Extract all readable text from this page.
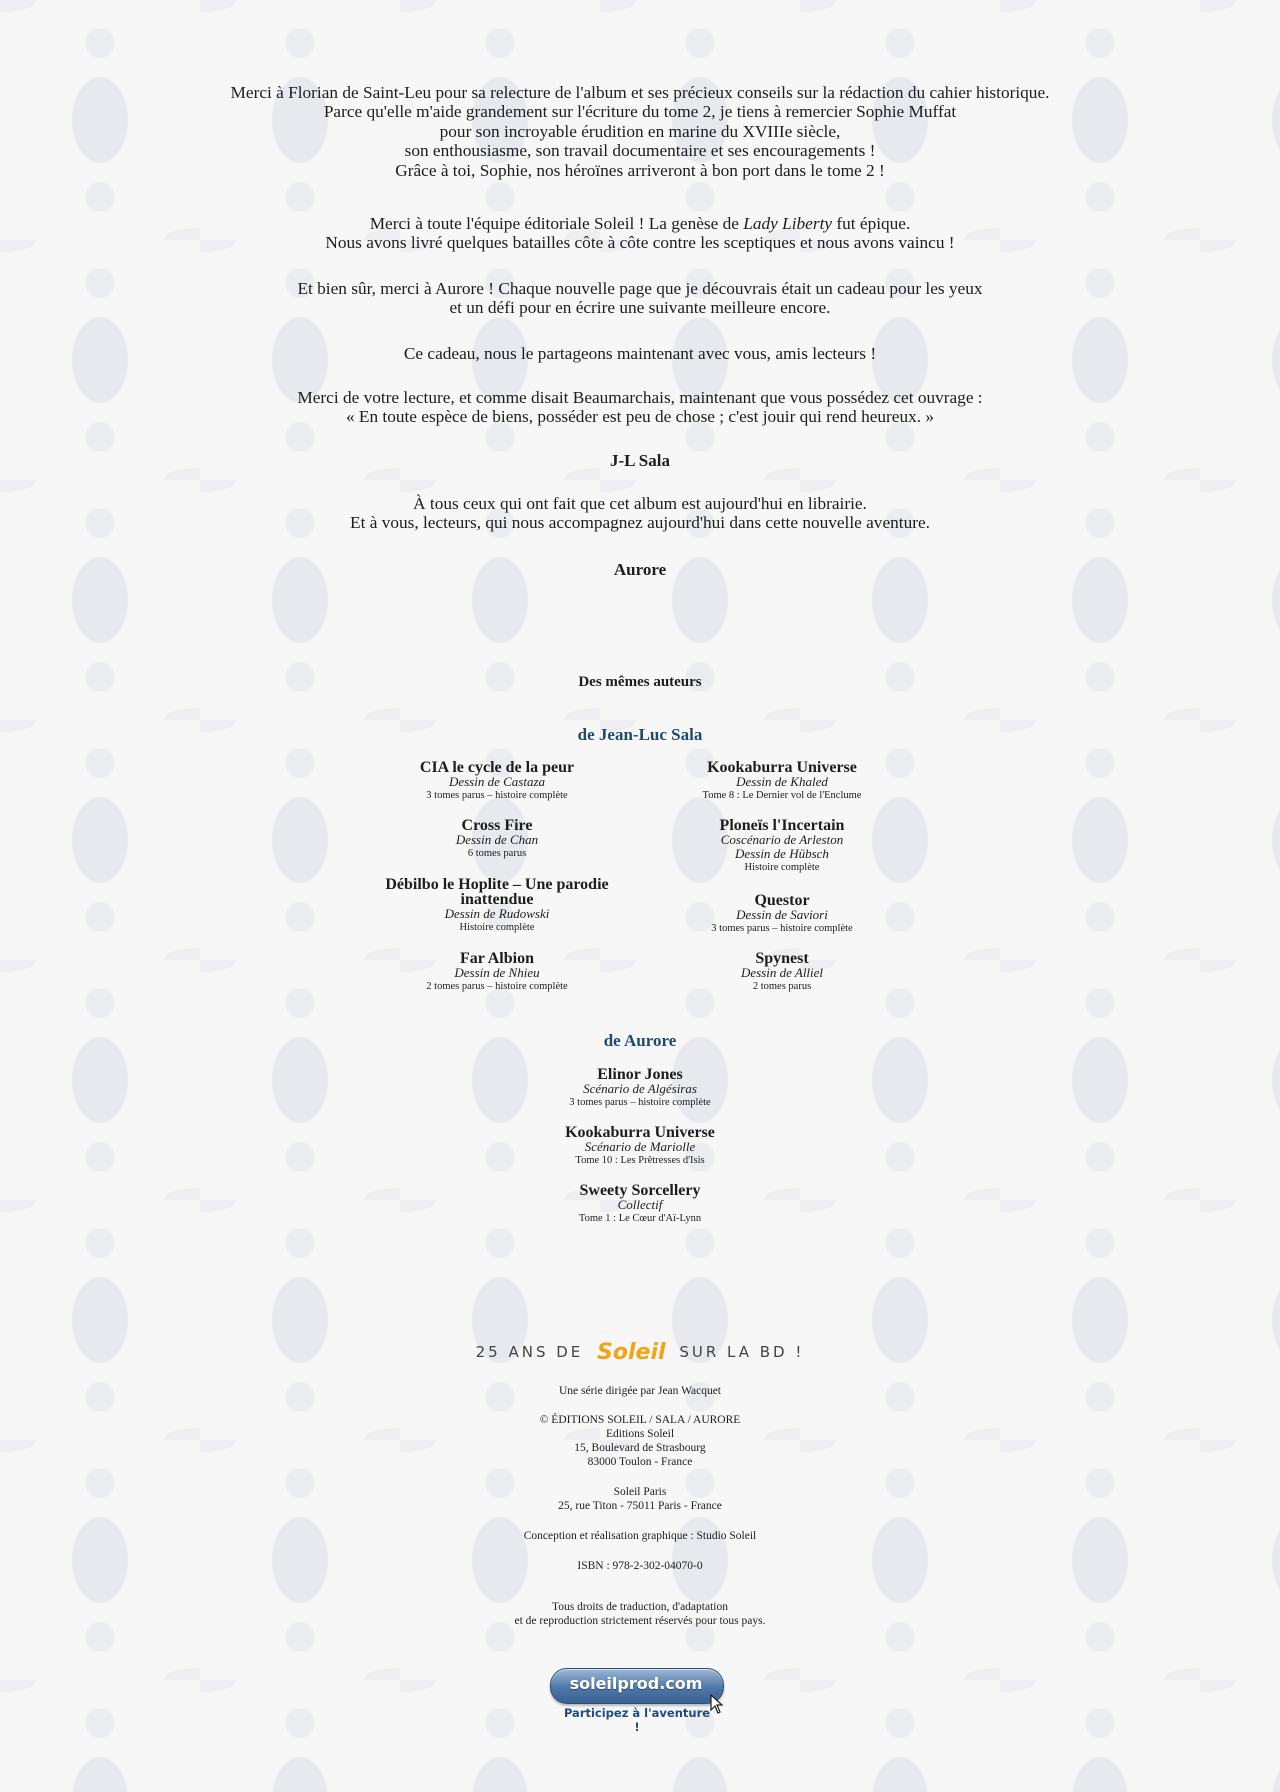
Merci à Florian de Saint-Leu pour sa relecture de l'album et ses précieux conseils sur la rédaction du cahier historique.
Parce qu'elle m'aide grandement sur l'écriture du tome 2, je tiens à remercier Sophie Muffat
pour son incroyable érudition en marine du XVIIIe siècle,
son enthousiasme, son travail documentaire et ses encouragements !
Grâce à toi, Sophie, nos héroïnes arriveront à bon port dans le tome 2 !
Merci à toute l'équipe éditoriale Soleil ! La genèse de Lady Liberty fut épique.
Nous avons livré quelques batailles côte à côte contre les sceptiques et nous avons vaincu !
Et bien sûr, merci à Aurore ! Chaque nouvelle page que je découvrais était un cadeau pour les yeux
et un défi pour en écrire une suivante meilleure encore.
Ce cadeau, nous le partageons maintenant avec vous, amis lecteurs !
Merci de votre lecture, et comme disait Beaumarchais, maintenant que vous possédez cet ouvrage :
« En toute espèce de biens, posséder est peu de chose ; c'est jouir qui rend heureux. »
J-L Sala
À tous ceux qui ont fait que cet album est aujourd'hui en librairie.
Et à vous, lecteurs, qui nous accompagnez aujourd'hui dans cette nouvelle aventure.
Aurore
Des mêmes auteurs
de Jean-Luc Sala
CIA le cycle de la peur
Dessin de Castaza
3 tomes parus – histoire complète
Cross Fire
Dessin de Chan
6 tomes parus
Débilbo le Hoplite – Une parodie inattendue
Dessin de Rudowski
Histoire complète
Far Albion
Dessin de Nhieu
2 tomes parus – histoire complète
Kookaburra Universe
Dessin de Khaled
Tome 8 : Le Dernier vol de l'Enclume
Ploneïs l'Incertain
Coscénario de Arleston
Dessin de Hübsch
Histoire complète
Questor
Dessin de Saviori
3 tomes parus – histoire complète
Spynest
Dessin de Alliel
2 tomes parus
de Aurore
Elinor Jones
Scénario de Algésiras
3 tomes parus – histoire complète
Kookaburra Universe
Scénario de Mariolle
Tome 10 : Les Prêtresses d'Isis
Sweety Sorcellery
Collectif
Tome 1 : Le Cœur d'Aï-Lynn
25 ANS DE Soleil SUR LA BD !
Une série dirigée par Jean Wacquet
© ÉDITIONS SOLEIL / SALA / AURORE
Editions Soleil
15, Boulevard de Strasbourg
83000 Toulon - France
Soleil Paris
25, rue Titon - 75011 Paris - France
Conception et réalisation graphique : Studio Soleil
ISBN : 978-2-302-04070-0
Tous droits de traduction, d'adaptation
et de reproduction strictement réservés pour tous pays.
soleilprod.com
Participez à l'aventure !
